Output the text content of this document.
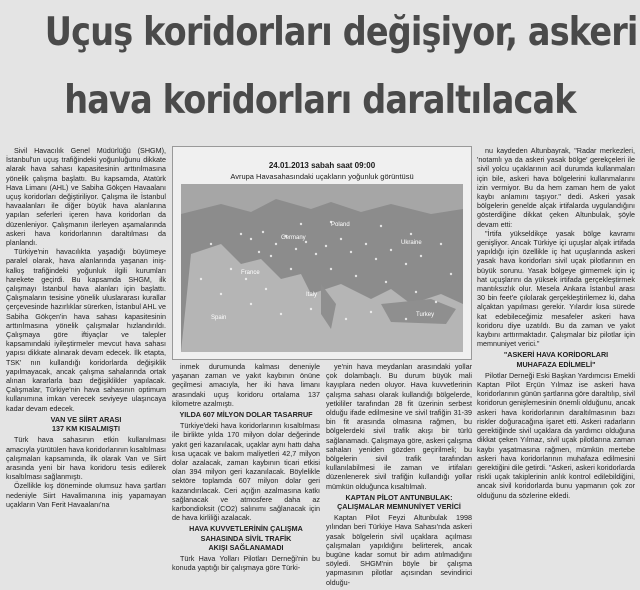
Uçuş koridorları değişiyor, askeri
hava koridorları daraltılacak

Sivil Havacılık Genel Müdürlüğü (SHGM), İstanbul'un uçuş trafiğindeki yoğunluğunu dikkate alarak hava sahası kapasitesinin arttırılmasına yönelik çalışma başlattı. Bu kapsamda, Atatürk Hava Limanı (AHL) ve Sabiha Gökçen Havaalanı uçuş koridorları değiştiriliyor. Çalışma ile İstanbul havaalanları ile diğer büyük hava alanlarına yapılan seferleri içeren hava koridorları da düzenleniyor. Çalışmanın ilerleyen aşamalarında askeri hava koridorlarının daraltılması da planlandı.

Türkiye'nin havacılıkta yaşadığı büyümeye paralel olarak, hava alanlarında yaşanan iniş-kalkış trafiğindeki yoğunluk ilgili kurumları harekete geçirdi. Bu kapsamda SHGM, ilk çalışmayı İstanbul hava alanları için başlattı. Çalışmaların tesisine yönelik uluslararası kurallar çerçevesinde hazırlıklar sürerken, İstanbul AHL ve Sabiha Gökçen'in hava sahası kapasitesinin arttırılmasına yönelik çalışmalar hızlandırıldı. Çalışmaya göre iftiyaçlar ve talepler kapsamındaki iyileştirmeler mevcut hava sahası yapısı dikkate alınarak devam edecek. İlk etapta, TSK' nın kullandığı koridorlarda değişiklik yapılmayacak, ancak çalışma sahalarında ortak alınan kararlarla bazı değişiklikler yapılacak. Çalışmalar, Türkiye'nin hava sahasının optimum kullanımına imkan verecek seviyeye ulaşıncaya kadar devam edecek.

VAN VE SİİRT ARASI

137 KM KISALMIŞTI

Türk hava sahasının etkin kullanılması amacıyla yürütülen hava koridorlarının kısaltılması çalışmaları kapsamında, ilk olarak Van ve Siirt arasında yeni bir hava koridoru tesis edilerek kısaltılması sağlanmıştı.

Özellikle kış döneminde olumsuz hava şartları nedeniyle Siirt Havalimanına iniş yapamayan uçakların Van Ferit Havaalanı'na

24.01.2013 sabah saat 09:00
Avrupa Havasahasındaki uçakların yoğunluk görüntüsü
Poland
Ukraine
France
Italy
Spain	Turkey
Germany

inmek durumunda kalması deneniyle yaşanan zaman ve yakıt kaybının önüne geçilmesi amacıyla, her iki hava limanı arasındaki uçuş koridoru ortalama 137 kilometre azalmıştı.

YILDA 607 MİLYON DOLAR TASARRUF

Türkiye'deki hava koridorlarının kısaltılması ile birlikte yılda 170 milyon dolar değerinde yakıt geri kazanılacak, uçaklar aynı hattı daha kısa uçacak ve bakım maliyetleri 42,7 milyon dolar azalacak, zaman kaybının ticari etkisi olan 394 milyon geri kazanılacak. Böylelikle sektöre toplamda 607 milyon dolar geri kazandırılacak. Ceri açığın azalmasına katkı sağlanacak ve atmosfere daha az karbondioksit (CO2) salınımı sağlanacak için de hava kirliliği azalacak.

HAVA KUVVETLERİNİN ÇALIŞMA

SAHASINDA SİVİL TRAFİK

AKIŞI SAĞLANAMADI

Türk Hava Yolları Pilotları Derneği'nin bu konuda yaptığı bir çalışmaya göre Türki-

ye'nin hava meydanları arasındaki yollar çok dolambaçlı. Bu durum büyük mali kayıplara neden oluyor. Hava kuvvetlerinin çalışma sahası olarak kullandığı bölgelerde, yetkililer tarafından 28 fit üzerinin serbest olduğu ifade edilmesine ve sivil trafiğin 31-39 bin fit arasında olmasına rağmen, bu bölgelerdeki sivil trafik akışı bir türlü sağlanamadı. Çalışmaya göre, askeri çalışma sahaları yeniden gözden geçirilmeli; bu bölgelerin sivil trafik tarafından kullanılabilmesi ile zaman ve irtifaları düzenlenerek sivil trafiğin kullandığı yollar mümkün olduğunca kısaltılmalı.

KAPTAN PİLOT ANTUNBULAK:

ÇALIŞMALAR MEMNUNİYET VERİCİ

Kaptan Pilot Feyzi Altunbulak 1998 yılından beri Türkiye Hava Sahası'nda askeri yasak bölgelerin sivil uçaklara açılması çalışmaları yapıldığını belirterek, ancak bugüne kadar somut bir adım atılmadığını söyledi. SHGM'nin böyle bir çalışma yapmasının pilotlar açısından sevindirici olduğu-

nu kaydeden Altunbayrak, "Radar merkezleri, 'notamlı ya da askeri yasak bölge' gerekçeleri ile sivil yolcu uçaklarının acil durumda kullanmaları için bile, askeri hava bölgelerini kullanmalarını izin vermiyor. Bu da hem zaman hem de yakıt kaybı anlamını taşıyor." dedi. Askeri yasak bölgelerin genelde alçak irtifalarda uygulandığını gösterdiğine dikkat çeken Altunbulak, şöyle devam etti:

"İrtifa yükseldikçe yasak bölge kavramı genişliyor. Ancak Türkiye içi uçuşlar alçak irtifada yapıldığı için özellikle iç hat uçuşlarında askeri yasak hava koridorları sivil uçak pilotlarının en büyük sorunu. Yasak bölgeye girmemek için iç hat uçuşlarını da yüksek irtifada gerçekleştirmek mantıksızlık olur. Mesela Ankara İstanbul arası 30 bin feet'e çıkılarak gerçekleştirilemez ki, daha alçaktan yapılması gerekir. Yılardır kısa sürede kat edebileceğimiz mesafeler askeri hava koridoru diye uzatıldı. Bu da zaman ve yakıt kaybını arttırmaktadır. Çalışmalar biz pilotlar için memnuniyet verici."

"ASKERİ HAVA KORİDORLARI

MUHAFAZA EDİLMELİ"

Pilotlar Derneği Eski Başkan Yardımcısı Emekli Kaptan Pilot Erçün Yılmaz ise askeri hava koridorlarının günün şartlarına göre daraltılıp, sivil koridorun genişlemesinin önemli olduğunu, ancak askeri hava koridorlarının daraltılmasının bazı riskler doğuracağına işaret etti. Askeri radarların gerektiğinde sivil uçaklara da yardımcı olduğuna dikkat çeken Yılmaz, sivil uçak pilotlarına zaman kaybı yaşatmasına rağmen, mümkün mertebe askeri hava koridorlarının muhafaza edilmesini gerektiğini dile getirdi. "Askeri, askeri koridorlarda riskli uçak takiplerinin anlık kontrol edilebildiğini, ancak sivil koridorlarda bunu yapmanın çok zor olduğunu da sözlerine ekledi.
